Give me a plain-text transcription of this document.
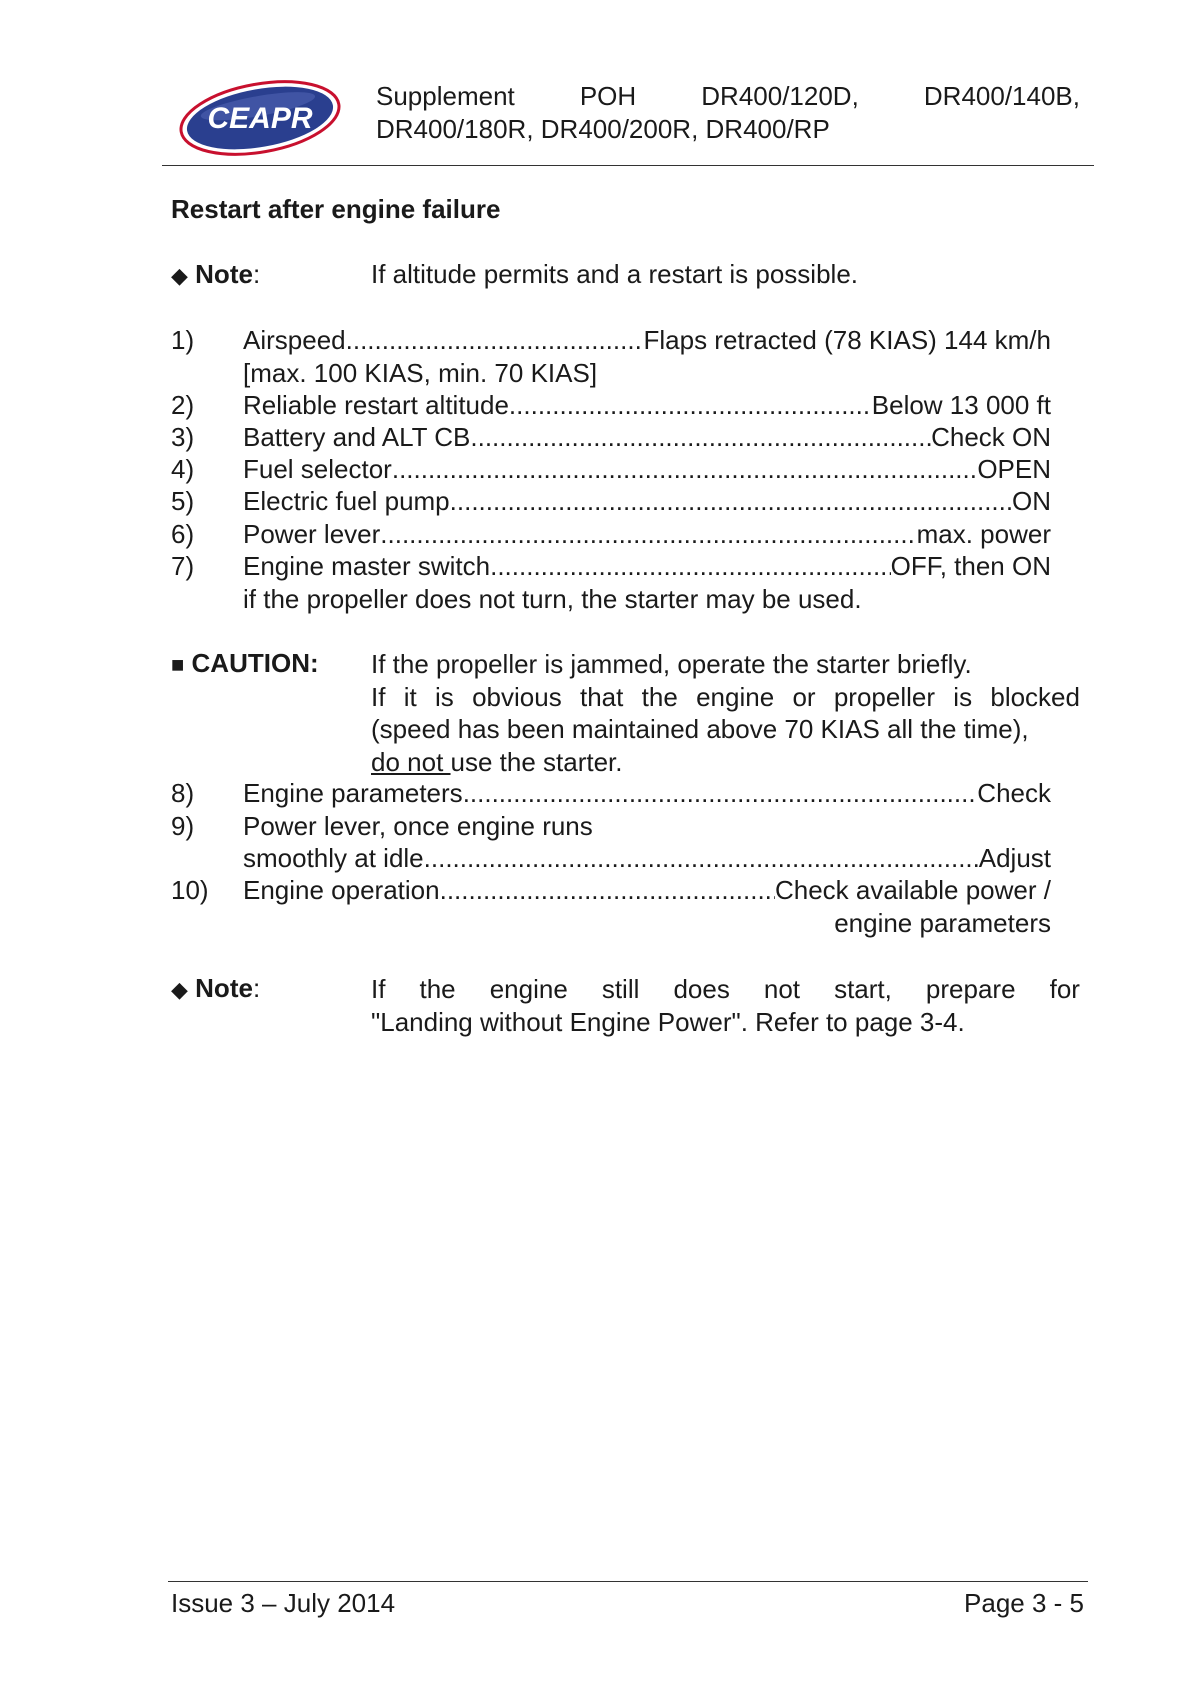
CEAPR
Supplement	POH	DR400/120D,	DR400/140B,
DR400/180R, DR400/200R, DR400/RP
Restart after engine failure
◆ Note:	If altitude permits and a restart is possible.
1) Airspeed .....	Flaps retracted (78 KIAS) 144 km/h
[max. 100 KIAS, min. 70 KIAS]
2) Reliable restart altitude .....	Below 13 000 ft
3) Battery and ALT CB .....	Check ON
4) Fuel selector .....	OPEN
5) Electric fuel pump .....	ON
6) Power lever .....	max. power
7) Engine master switch .....	OFF, then ON
if the propeller does not turn, the starter may be used.
■ CAUTION: If the propeller is jammed, operate the starter briefly.
If it is obvious that the engine or propeller is blocked
(speed has been maintained above 70 KIAS all the time),
do not use the starter.
8) Engine parameters .....	Check
9) Power lever, once engine runs
smoothly at idle .....	Adjust
10) Engine operation .....	Check available power /
engine parameters
◆ Note:	If the engine still does not start, prepare for
"Landing without Engine Power". Refer to page 3-4.
Issue 3 – July 2014	Page 3 - 5
